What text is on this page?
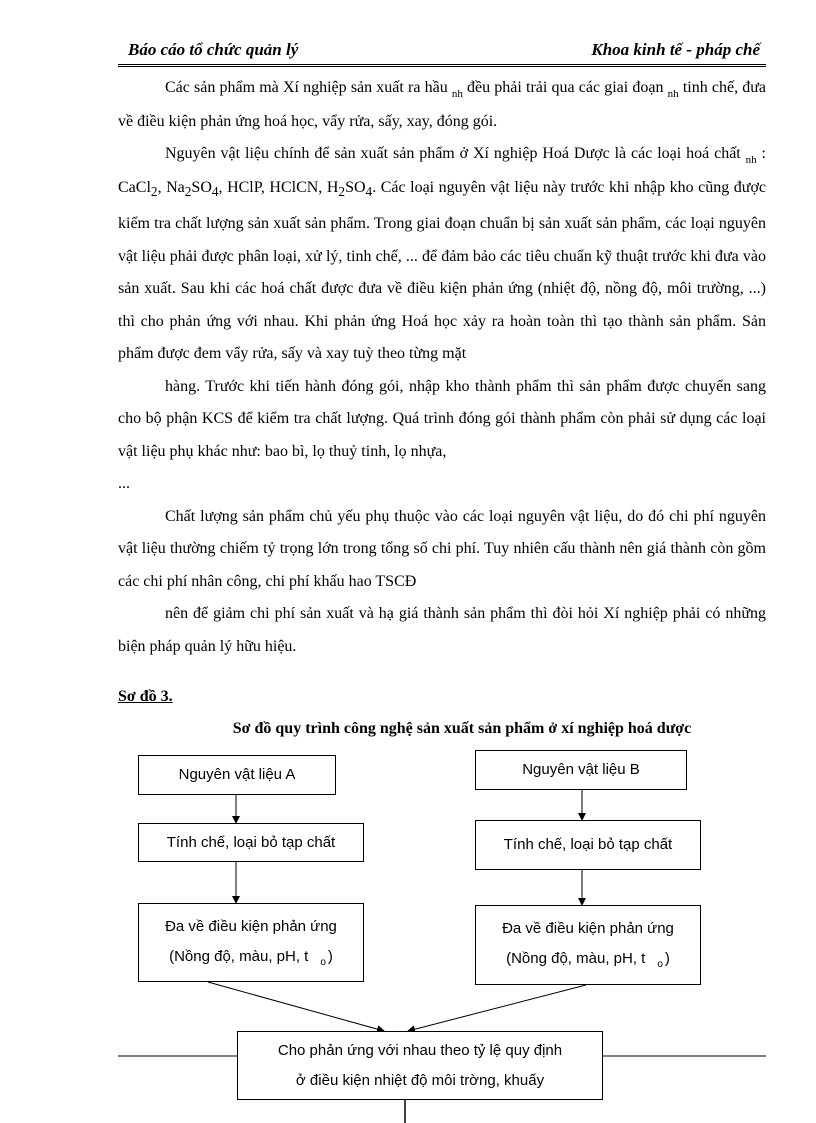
Báo cáo tổ chức quản lý	Khoa kinh tế - pháp chế

Các sản phẩm mà Xí nghiệp sản xuất ra hầu $_{nh}$ đều phải trải qua các giai đoạn $_{nh}$ tinh chế, đưa về điều kiện phản ứng hoá học, vẩy rửa, sấy, xay, đóng gói.

Nguyên vật liệu chính để sản xuất sản phẩm ở Xí nghiệp Hoá Dược là các loại hoá chất $_{nh}$ : CaCl$_2$, $Na_2SO_4$, HClP, HClCN, $H_2SO_4$. Các loại nguyên vật liệu này trước khi nhập kho cũng được kiểm tra chất lượng sản xuất sản phẩm. Trong giai đoạn chuẩn bị sản xuất sản phẩm, các loại nguyên vật liệu phải được phân loại, xử lý, tinh chế, ... để đảm bảo các tiêu chuẩn kỹ thuật trước khi đưa vào sản xuất. Sau khi các hoá chất được đưa về điều kiện phản ứng (nhiệt độ, nồng độ, môi trường, ...) thì cho phản ứng với nhau. Khi phản ứng Hoá học xảy ra hoàn toàn thì tạo thành sản phẩm. Sản phẩm được đem vẩy rửa, sấy và xay tuỳ theo từng mặt

hàng. Trước khi tiến hành đóng gói, nhập kho thành phẩm thì sản phẩm được chuyển sang cho bộ phận KCS để kiểm tra chất lượng. Quá trình đóng gói thành phẩm còn phải sử dụng các loại vật liệu phụ khác như: bao bì, lọ thuỷ tinh, lọ nhựa,

...

Chất lượng sản phẩm chủ yếu phụ thuộc vào các loại nguyên vật liệu, do đó chi phí nguyên vật liệu thường chiếm tỷ trọng lớn trong tổng số chi phí. Tuy nhiên cấu thành nên giá thành còn gồm các chi phí nhân công, chi phí khấu hao TSCĐ

nên để giảm chi phí sản xuất và hạ giá thành sản phẩm thì đòi hỏi Xí nghiệp phải có những biện pháp quản lý hữu hiệu.

Sơ đồ 3.
Sơ đồ quy trình công nghệ sản xuất sản phẩm ở xí nghiệp hoá dược
Nguyên vật liệu A
Tính chế, loại bỏ tạp chất
Đa về điều kiện phản ứng
(Nồng độ, màu, pH, t $_o$ )
Nguyên vật liệu B
Tính chế, loại bỏ tạp chất
Đa về điều kiện phản ứng
(Nồng độ, màu, pH, t $_o$ )
Cho phản ứng với nhau theo tỷ lệ quy định
ở điều kiện nhiệt độ môi trờng, khuấy
